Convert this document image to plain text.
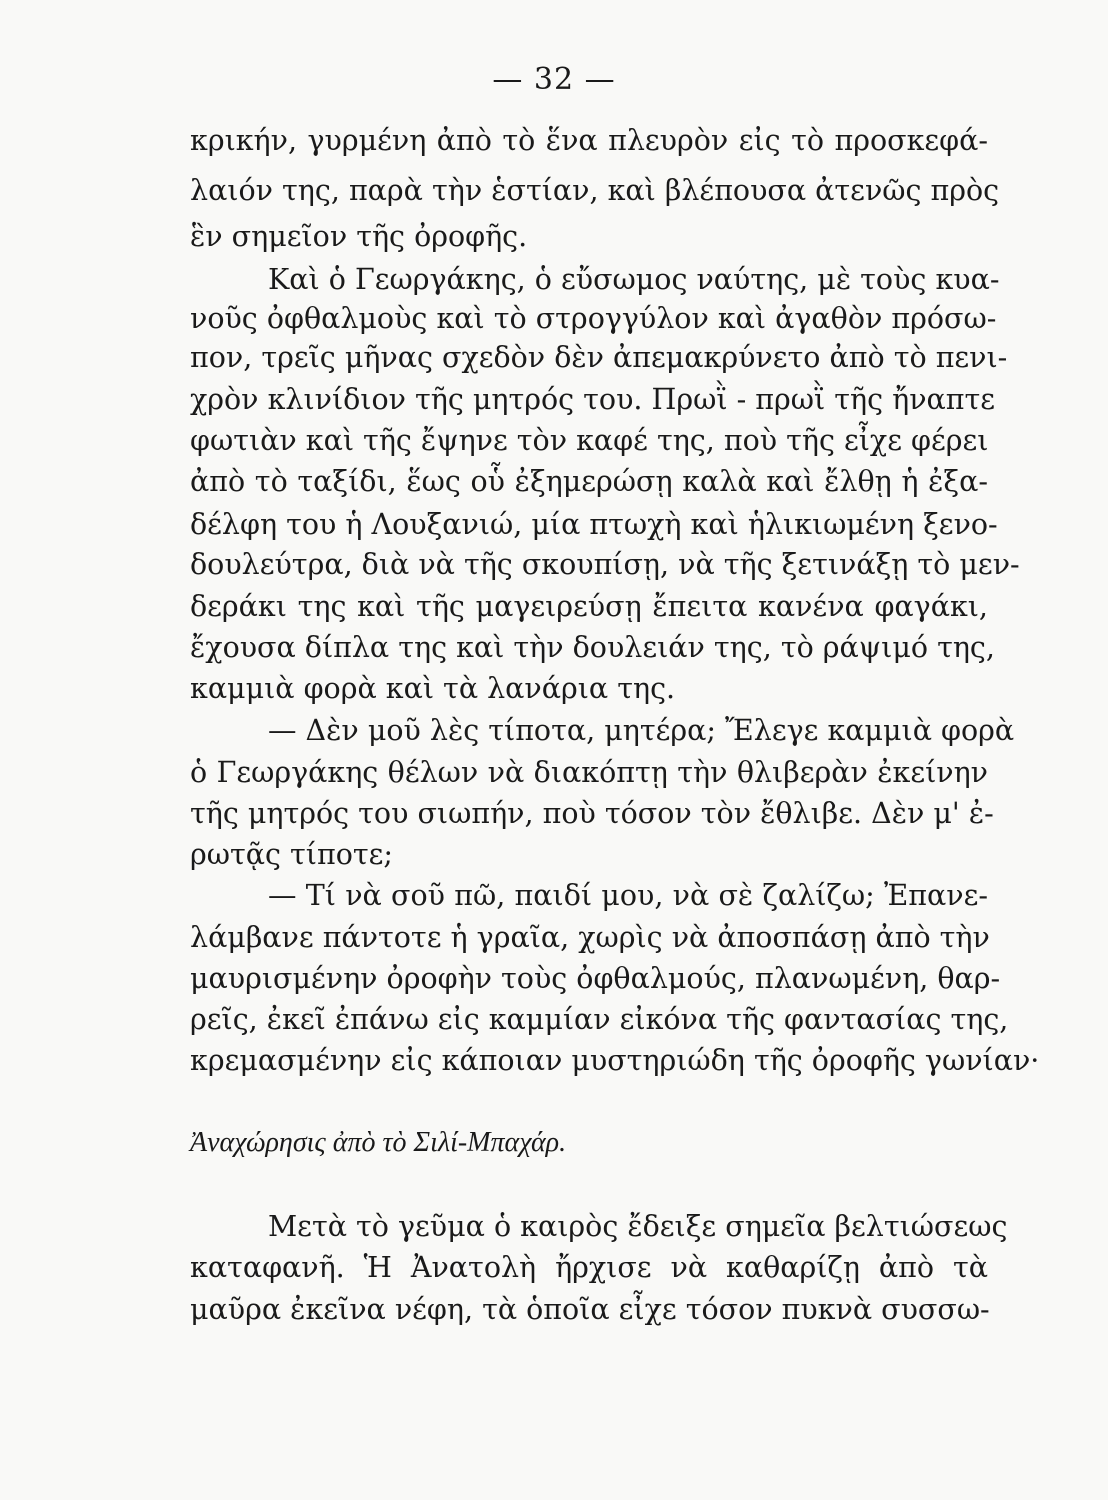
— 32 —
κρικήν, γυρμένη ἀπὸ τὸ ἕνα πλευρὸν εἰς τὸ προσκεφά-
λαιόν της, παρὰ τὴν ἑστίαν, καὶ βλέπουσα ἀτενῶς πρὸς
ἓν σημεῖον τῆς ὀροφῆς.
Καὶ ὁ Γεωργάκης, ὁ εὔσωμος ναύτης, μὲ τοὺς κυα-
νοῦς ὀφθαλμοὺς καὶ τὸ στρογγύλον καὶ ἀγαθὸν πρόσω-
πον, τρεῖς μῆνας σχεδὸν δὲν ἀπεμακρύνετο ἀπὸ τὸ πενι-
χρὸν κλινίδιον τῆς μητρός του. Πρωῒ - πρωῒ τῆς ἤναπτε
φωτιὰν καὶ τῆς ἔψηνε τὸν καφέ της, ποὺ τῆς εἶχε φέρει
ἀπὸ τὸ ταξίδι, ἕως οὗ ἐξημερώσῃ καλὰ καὶ ἔλθῃ ἡ ἐξα-
δέλφη του ἡ Λουξανιώ, μία πτωχὴ καὶ ἡλικιωμένη ξενο-
δουλεύτρα, διὰ νὰ τῆς σκουπίσῃ, νὰ τῆς ξετινάξῃ τὸ μεν-
δεράκι της καὶ τῆς μαγειρεύσῃ ἔπειτα κανένα φαγάκι,
ἔχουσα δίπλα της καὶ τὴν δουλειάν της, τὸ ράψιμό της,
καμμιὰ φορὰ καὶ τὰ λανάρια της.
— Δὲν μοῦ λὲς τίποτα, μητέρα; Ἔλεγε καμμιὰ φορὰ
ὁ Γεωργάκης θέλων νὰ διακόπτῃ τὴν θλιβερὰν ἐκείνην
τῆς μητρός του σιωπήν, ποὺ τόσον τὸν ἔθλιβε. Δὲν μ' ἐ-
ρωτᾷς τίποτε;
— Τί νὰ σοῦ πῶ, παιδί μου, νὰ σὲ ζαλίζω; Ἐπανε-
λάμβανε πάντοτε ἡ γραῖα, χωρὶς νὰ ἀποσπάσῃ ἀπὸ τὴν
μαυρισμένην ὀροφὴν τοὺς ὀφθαλμούς, πλανωμένη, θαρ-
ρεῖς, ἐκεῖ ἐπάνω εἰς καμμίαν εἰκόνα τῆς φαντασίας της,
κρεμασμένην εἰς κάποιαν μυστηριώδη τῆς ὀροφῆς γωνίαν·
Ἀναχώρησις ἀπὸ τὸ Σιλί-Μπαχάρ.
Μετὰ τὸ γεῦμα ὁ καιρὸς ἔδειξε σημεῖα βελτιώσεως
καταφανῆ. Ἡ Ἀνατολὴ ἤρχισε νὰ καθαρίζῃ ἀπὸ τὰ
μαῦρα ἐκεῖνα νέφη, τὰ ὁποῖα εἶχε τόσον πυκνὰ συσσω-
